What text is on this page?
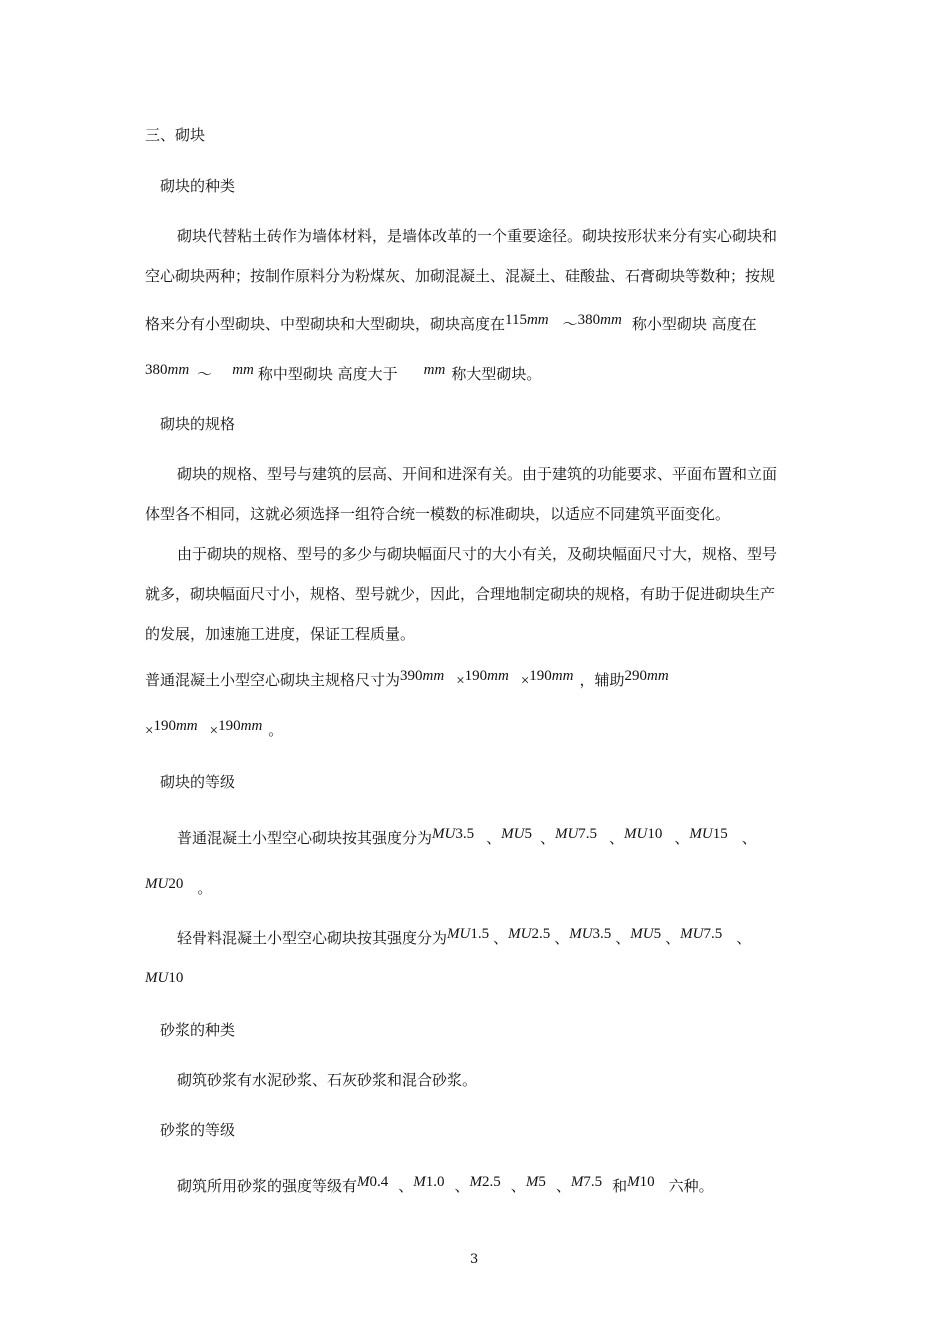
三、砌块
砌块的种类
砌块代替粘土砖作为墙体材料，是墙体改革的一个重要途径。砌块按形状来分有实心砌块和
空心砌块两种；按制作原料分为粉煤灰、加砌混凝土、混凝土、硅酸盐、石膏砌块等数种；按规
格来分有小型砌块、中型砌块和大型砌块，砌块高度在115mm ～380mm 称小型砌块 高度在
380mm ～ mm 称中型砌块 高度大于 mm 称大型砌块。
砌块的规格
砌块的规格、型号与建筑的层高、开间和进深有关。由于建筑的功能要求、平面布置和立面
体型各不相同，这就必须选择一组符合统一模数的标准砌块，以适应不同建筑平面变化。
由于砌块的规格、型号的多少与砌块幅面尺寸的大小有关，及砌块幅面尺寸大，规格、型号
就多，砌块幅面尺寸小，规格、型号就少，因此，合理地制定砌块的规格，有助于促进砌块生产
的发展，加速施工进度，保证工程质量。
普通混凝土小型空心砌块主规格尺寸为390mm ×190mm ×190mm ，辅助290mm
×190mm ×190mm 。
砌块的等级
普通混凝土小型空心砌块按其强度分为MU3.5 、MU5 、MU7.5 、MU10 、MU15 、
MU20 。
轻骨料混凝土小型空心砌块按其强度分为MU1.5 、MU2.5 、MU3.5 、MU5 、MU7.5 、
MU10
砂浆的种类
砌筑砂浆有水泥砂浆、石灰砂浆和混合砂浆。
砂浆的等级
砌筑所用砂浆的强度等级有M0.4 、M1.0 、M2.5 、M5 、M7.5 和M10 六种。
3
